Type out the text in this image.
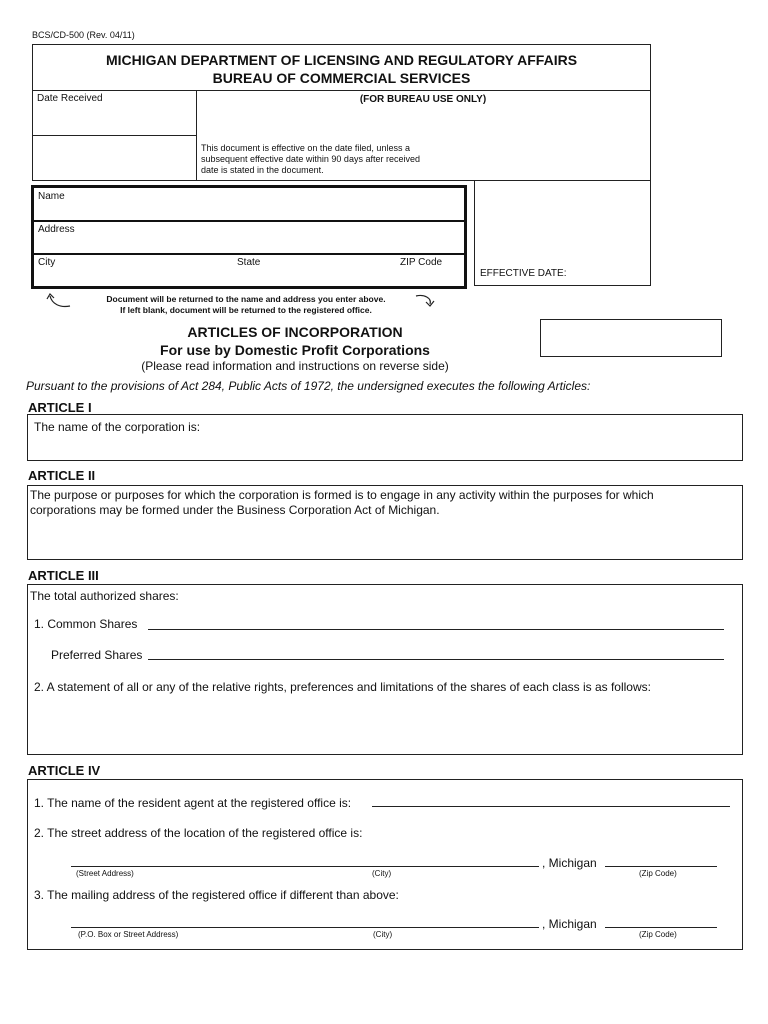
BCS/CD-500 (Rev. 04/11)
MICHIGAN DEPARTMENT OF LICENSING AND REGULATORY AFFAIRS
BUREAU OF COMMERCIAL SERVICES
Date Received	(FOR BUREAU USE ONLY)
This document is effective on the date filed, unless a
subsequent effective date within 90 days after received
date is stated in the document.
EFFECTIVE DATE:
Name
Address
City	State	ZIP Code
Document will be returned to the name and address you enter above.
If left blank, document will be returned to the registered office.
ARTICLES OF INCORPORATION
For use by Domestic Profit Corporations
(Please read information and instructions on reverse side)
Pursuant to the provisions of Act 284, Public Acts of 1972, the undersigned executes the following Articles:
ARTICLE I
The name of the corporation is:
ARTICLE II
The purpose or purposes for which the corporation is formed is to engage in any activity within the purposes for which
corporations may be formed under the Business Corporation Act of Michigan.
ARTICLE III
The total authorized shares:
1. Common Shares
Preferred Shares
2. A statement of all or any of the relative rights, preferences and limitations of the shares of each class is as follows:
ARTICLE IV
1. The name of the resident agent at the registered office is:
2. The street address of the location of the registered office is:
, Michigan
(Street Address)	(City)	(Zip Code)
3. The mailing address of the registered office if different than above:
, Michigan
(P.O. Box or Street Address)	(City)	(Zip Code)
